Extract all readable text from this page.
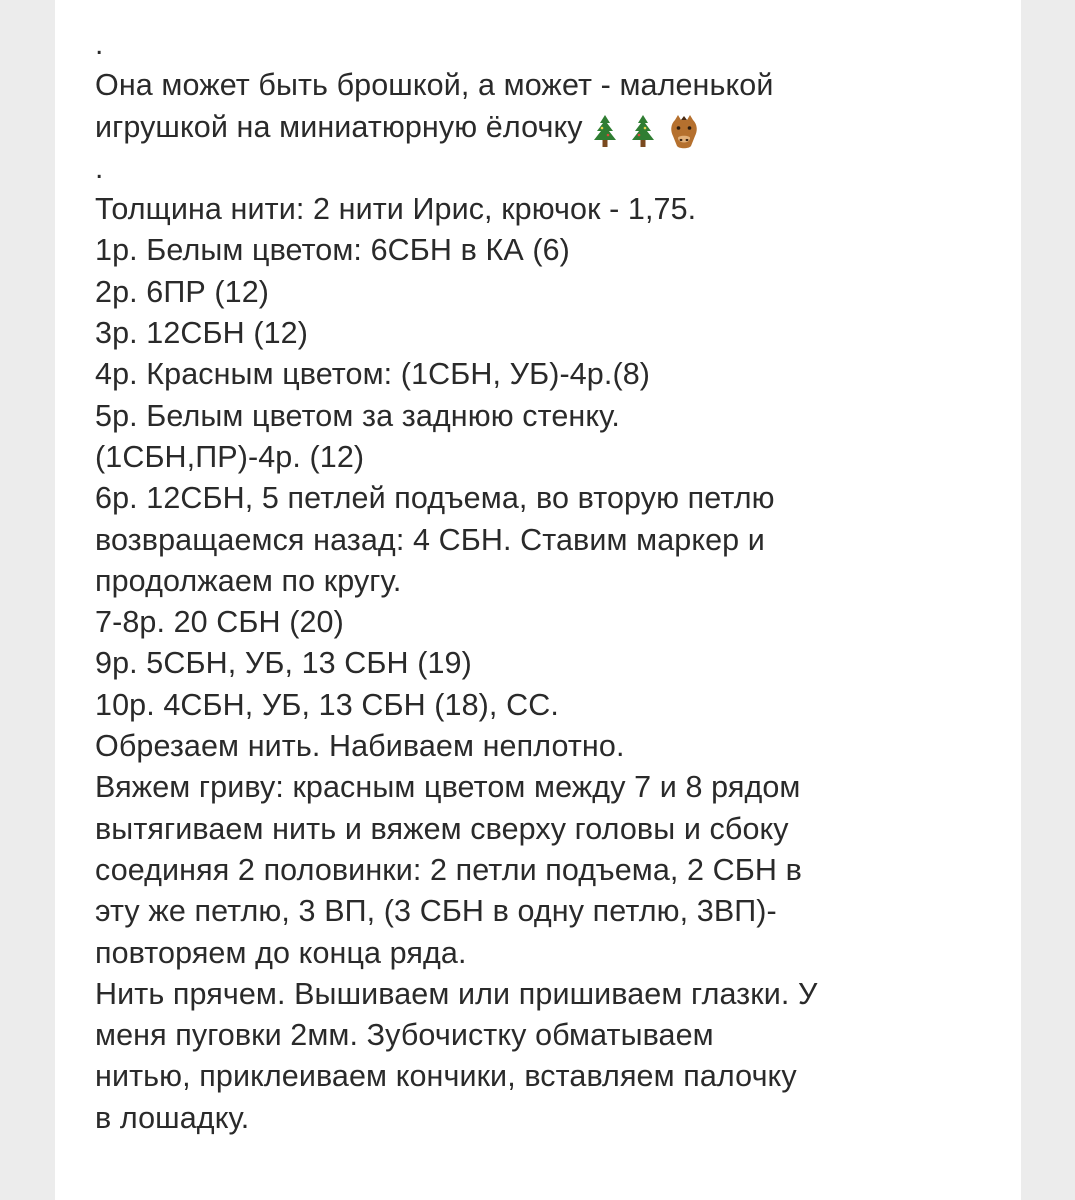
.
Она может быть брошкой, а может - маленькой
игрушкой на миниатюрную ёлочку
.
Толщина нити: 2 нити Ирис, крючок - 1,75.
1р. Белым цветом: 6СБН в КА (6)
2р. 6ПР (12)
3р. 12СБН (12)
4р. Красным цветом: (1СБН, УБ)-4р.(8)
5р. Белым цветом за заднюю стенку.
(1СБН,ПР)-4р. (12)
6р. 12СБН, 5 петлей подъема, во вторую петлю
возвращаемся назад: 4 СБН. Ставим маркер и
продолжаем по кругу.
7-8р. 20 СБН (20)
9р. 5СБН, УБ, 13 СБН (19)
10р. 4СБН, УБ, 13 СБН (18), СС.
Обрезаем нить. Набиваем неплотно.
Вяжем гриву: красным цветом между 7 и 8 рядом
вытягиваем нить и вяжем сверху головы и сбоку
соединяя 2 половинки: 2 петли подъема, 2 СБН в
эту же петлю, 3 ВП, (3 СБН в одну петлю, 3ВП)-
повторяем до конца ряда.
Нить прячем. Вышиваем или пришиваем глазки. У
меня пуговки 2мм. Зубочистку обматываем
нитью, приклеиваем кончики, вставляем палочку
в лошадку.
